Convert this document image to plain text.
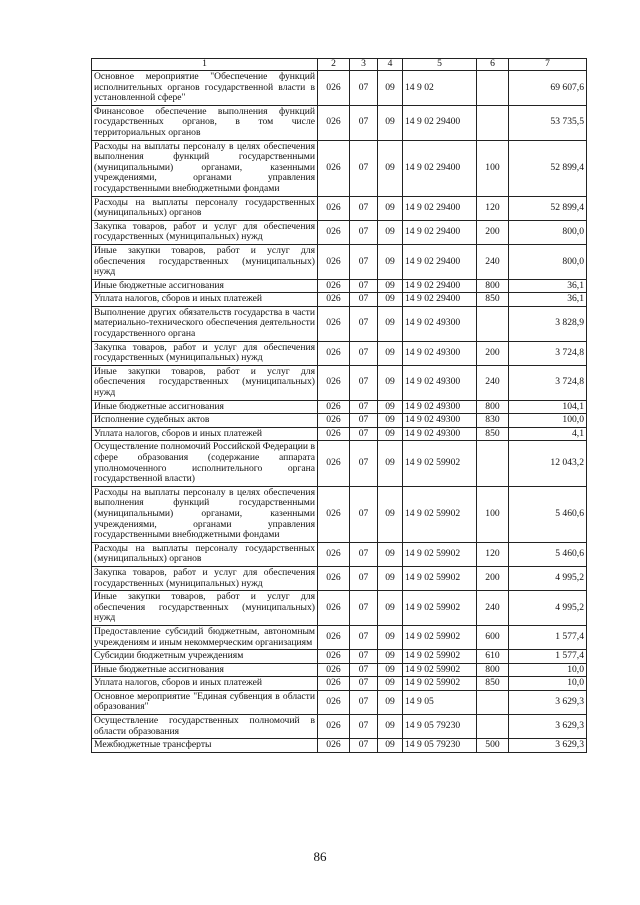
1	2	3	4	5	6	7
Основное мероприятие "Обеспечение функций исполнительных органов государственной власти в установленной сфере"	026	07	09	14 9 02		69 607,6
Финансовое обеспечение выполнения функций государственных органов, в том числе территориальных органов	026	07	09	14 9 02 29400		53 735,5
Расходы на выплаты персоналу в целях обеспечения выполнения функций государственными (муниципальными) органами, казенными учреждениями, органами управления государственными внебюджетными фондами	026	07	09	14 9 02 29400	100	52 899,4
Расходы на выплаты персоналу государственных (муниципальных) органов	026	07	09	14 9 02 29400	120	52 899,4
Закупка товаров, работ и услуг для обеспечения государственных (муниципальных) нужд	026	07	09	14 9 02 29400	200	800,0
Иные закупки товаров, работ и услуг для обеспечения государственных (муниципальных) нужд	026	07	09	14 9 02 29400	240	800,0
Иные бюджетные ассигнования	026	07	09	14 9 02 29400	800	36,1
Уплата налогов, сборов и иных платежей	026	07	09	14 9 02 29400	850	36,1
Выполнение других обязательств государства в части материально-технического обеспечения деятельности государственного органа	026	07	09	14 9 02 49300		3 828,9
Закупка товаров, работ и услуг для обеспечения государственных (муниципальных) нужд	026	07	09	14 9 02 49300	200	3 724,8
Иные закупки товаров, работ и услуг для обеспечения государственных (муниципальных) нужд	026	07	09	14 9 02 49300	240	3 724,8
Иные бюджетные ассигнования	026	07	09	14 9 02 49300	800	104,1
Исполнение судебных актов	026	07	09	14 9 02 49300	830	100,0
Уплата налогов, сборов и иных платежей	026	07	09	14 9 02 49300	850	4,1
Осуществление полномочий Российской Федерации в сфере образования (содержание аппарата уполномоченного исполнительного органа государственной власти)	026	07	09	14 9 02 59902		12 043,2
Расходы на выплаты персоналу в целях обеспечения выполнения функций государственными (муниципальными) органами, казенными учреждениями, органами управления государственными внебюджетными фондами	026	07	09	14 9 02 59902	100	5 460,6
Расходы на выплаты персоналу государственных (муниципальных) органов	026	07	09	14 9 02 59902	120	5 460,6
Закупка товаров, работ и услуг для обеспечения государственных (муниципальных) нужд	026	07	09	14 9 02 59902	200	4 995,2
Иные закупки товаров, работ и услуг для обеспечения государственных (муниципальных) нужд	026	07	09	14 9 02 59902	240	4 995,2
Предоставление субсидий бюджетным, автономным учреждениям и иным некоммерческим организациям	026	07	09	14 9 02 59902	600	1 577,4
Субсидии бюджетным учреждениям	026	07	09	14 9 02 59902	610	1 577,4
Иные бюджетные ассигнования	026	07	09	14 9 02 59902	800	10,0
Уплата налогов, сборов и иных платежей	026	07	09	14 9 02 59902	850	10,0
Основное мероприятие "Единая субвенция в области образования"	026	07	09	14 9 05		3 629,3
Осуществление государственных полномочий в области образования	026	07	09	14 9 05 79230		3 629,3
Межбюджетные трансферты	026	07	09	14 9 05 79230	500	3 629,3
86
